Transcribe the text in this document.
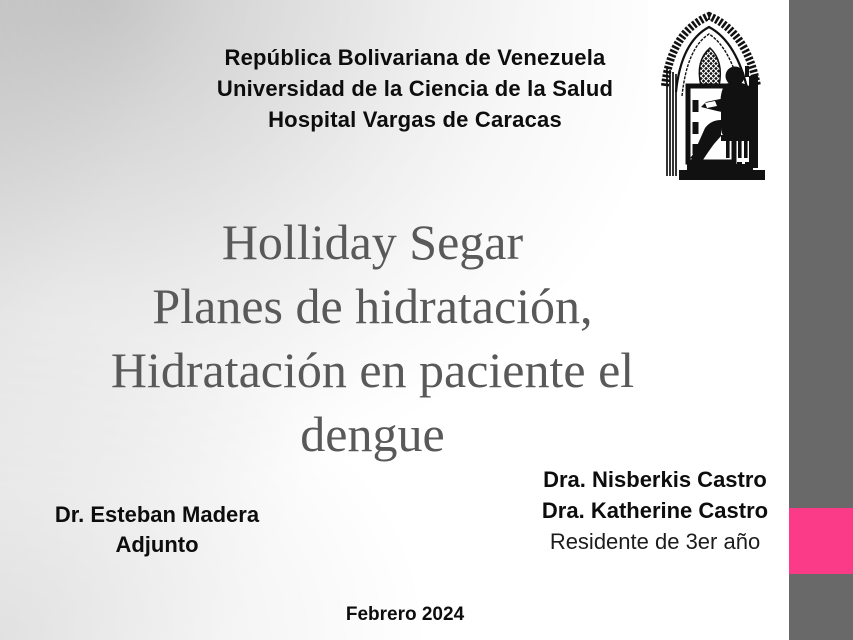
República Bolivariana de Venezuela
Universidad de la Ciencia de la Salud
Hospital Vargas de Caracas
Holliday Segar
Planes de hidratación,
Hidratación en paciente el
dengue
Dr. Esteban Madera
Adjunto
Dra. Nisberkis Castro
Dra. Katherine Castro
Residente de 3er año
Febrero 2024
